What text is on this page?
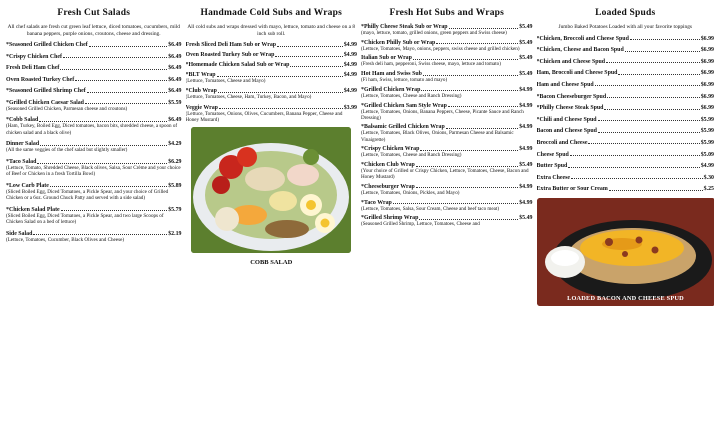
Fresh Cut Salads
All chef salads are fresh cut green leaf lettuce, diced tomatoes, cucumbers, mild banana peppers, purple onions, croutons, cheese and dressing.
*Seasoned Grilled Chicken Chef	$6.49
*Crispy Chicken Chef	$6.49
Fresh Deli Ham Chef	$6.49
Oven Roasted Turkey Chef	$6.49
*Seasoned Grilled Shrimp Chef	$6.49
*Grilled Chicken Caesar Salad	$5.59
(Seasoned Grilled Chicken, Parmesan cheese and croutons)
*Cobb Salad	$6.49
(Ham, Turkey, Boiled Egg, Diced tomatoes, bacon bits, shredded cheese, a spoon of chicken salad and a black olive)
Dinner Salad	$4.29
(All the same veggies of the chef salad but slightly smaller)
*Taco Salad	$6.29
(Lettuce, Tomato, Shredded Cheese, Black olives, Salsa, Sour Crème and your choice of Beef or Chicken in a fresh Tortilla Bowl)
*Low Carb Plate	$5.89
(Sliced Boiled Egg, Diced Tomatoes, a Pickle Spear, and your choice of Grilled Chicken or a 6oz. Ground Chuck Patty and served with a side salad)
*Chicken Salad Plate	$5.79
(Sliced Boiled Egg, Diced Tomatoes, a Pickle Spear, and two large Scoops of Chicken Salad on a bed of lettuce)
Side Salad	$2.19
(Lettuce, Tomatoes, Cucumber, Black Olives and Cheese)
Handmade Cold Subs and Wraps
All cold subs and wraps dressed with mayo, lettuce, tomato and cheese on a 8 inch sub roll.
Fresh Sliced Deli Ham Sub or Wrap	$4.99
Oven Roasted Turkey Sub or Wrap	$4.99
*Homemade Chicken Salad Sub or Wrap	$4.99
*BLT Wrap	$4.99
(Lettuce, Tomatoes, Cheese and Mayo)
*Club Wrap	$4.99
(Lettuce, Tomatoes, Cheese, Ham, Turkey, Bacon, and Mayo)
Veggie Wrap	$3.99
(Lettuce, Tomatoes, Onions, Olives, Cucumbers, Banana Pepper, Cheese and Honey Mustard)
COBB SALAD
Fresh Hot Subs and Wraps
*Philly Cheese Steak Sub or Wrap	$5.49
(mayo, lettuce, tomato, grilled onions, green peppers and Swiss cheese)
*Chicken Philly Sub or Wrap	$5.49
(Lettuce, Tomatoes, Mayo, onions, peppers, swiss cheese and grilled chicken)
Italian Sub or Wrap	$5.49
(Fresh deli ham, pepperoni, Swiss cheese, mayo, lettuce and tomato)
Hot Ham and Swiss Sub	$5.49
(Fi ham, Swiss, lettuce, tomato and mayo)
*Grilled Chicken Wrap	$4.99
(Lettuce, Tomatoes, Cheese and Ranch Dressing)
*Grilled Chicken Sam Style Wrap	$4.99
(Lettuce, Tomatoes, Onions, Banana Peppers, Cheese, Picante Sauce and Ranch Dressing)
*Balsamic Grilled Chicken Wrap	$4.99
(Lettuce, Tomatoes, Black Olives, Onions, Parmesan Cheese and Balsamic Vinaigrette)
*Crispy Chicken Wrap	$4.99
(Lettuce, Tomatoes, Cheese and Ranch Dressing)
*Chicken Club Wrap	$5.49
(Your choice of Grilled or Crispy Chicken, Lettuce, Tomatoes, Cheese, Bacon and Honey Mustard)
*Cheeseburger Wrap	$4.99
(Lettuce, Tomatoes, Onions, Pickles, and Mayo)
*Taco Wrap	$4.99
(Lettuce, Tomatoes, Salsa, Sour Cream, Cheese and beef taco meat)
*Grilled Shrimp Wrap	$5.49
(Seasoned Grilled Shrimp, Lettuce, Tomatoes, Cheese and
Loaded Spuds
Jumbo Baked Potatoes Loaded with all your favorite toppings
*Chicken, Broccoli and Cheese Spud	$6.99
*Chicken, Cheese and Bacon Spud	$6.99
*Chicken and Cheese Spud	$6.99
Ham, Broccoli and Cheese Spud	$6.99
Ham and Cheese Spud	$6.99
*Bacon Cheeseburger Spud	$6.99
*Philly Cheese Steak Spud	$6.99
*Chili and Cheese Spud	$5.99
Bacon and Cheese Spud	$5.99
Broccoli and Cheese	$5.99
Cheese Spud	$5.09
Butter Spud	$4.99
Extra Cheese	$.30
Extra Butter or Sour Cream	$.25
LOADED BACON AND CHEESE SPUD
menupix
